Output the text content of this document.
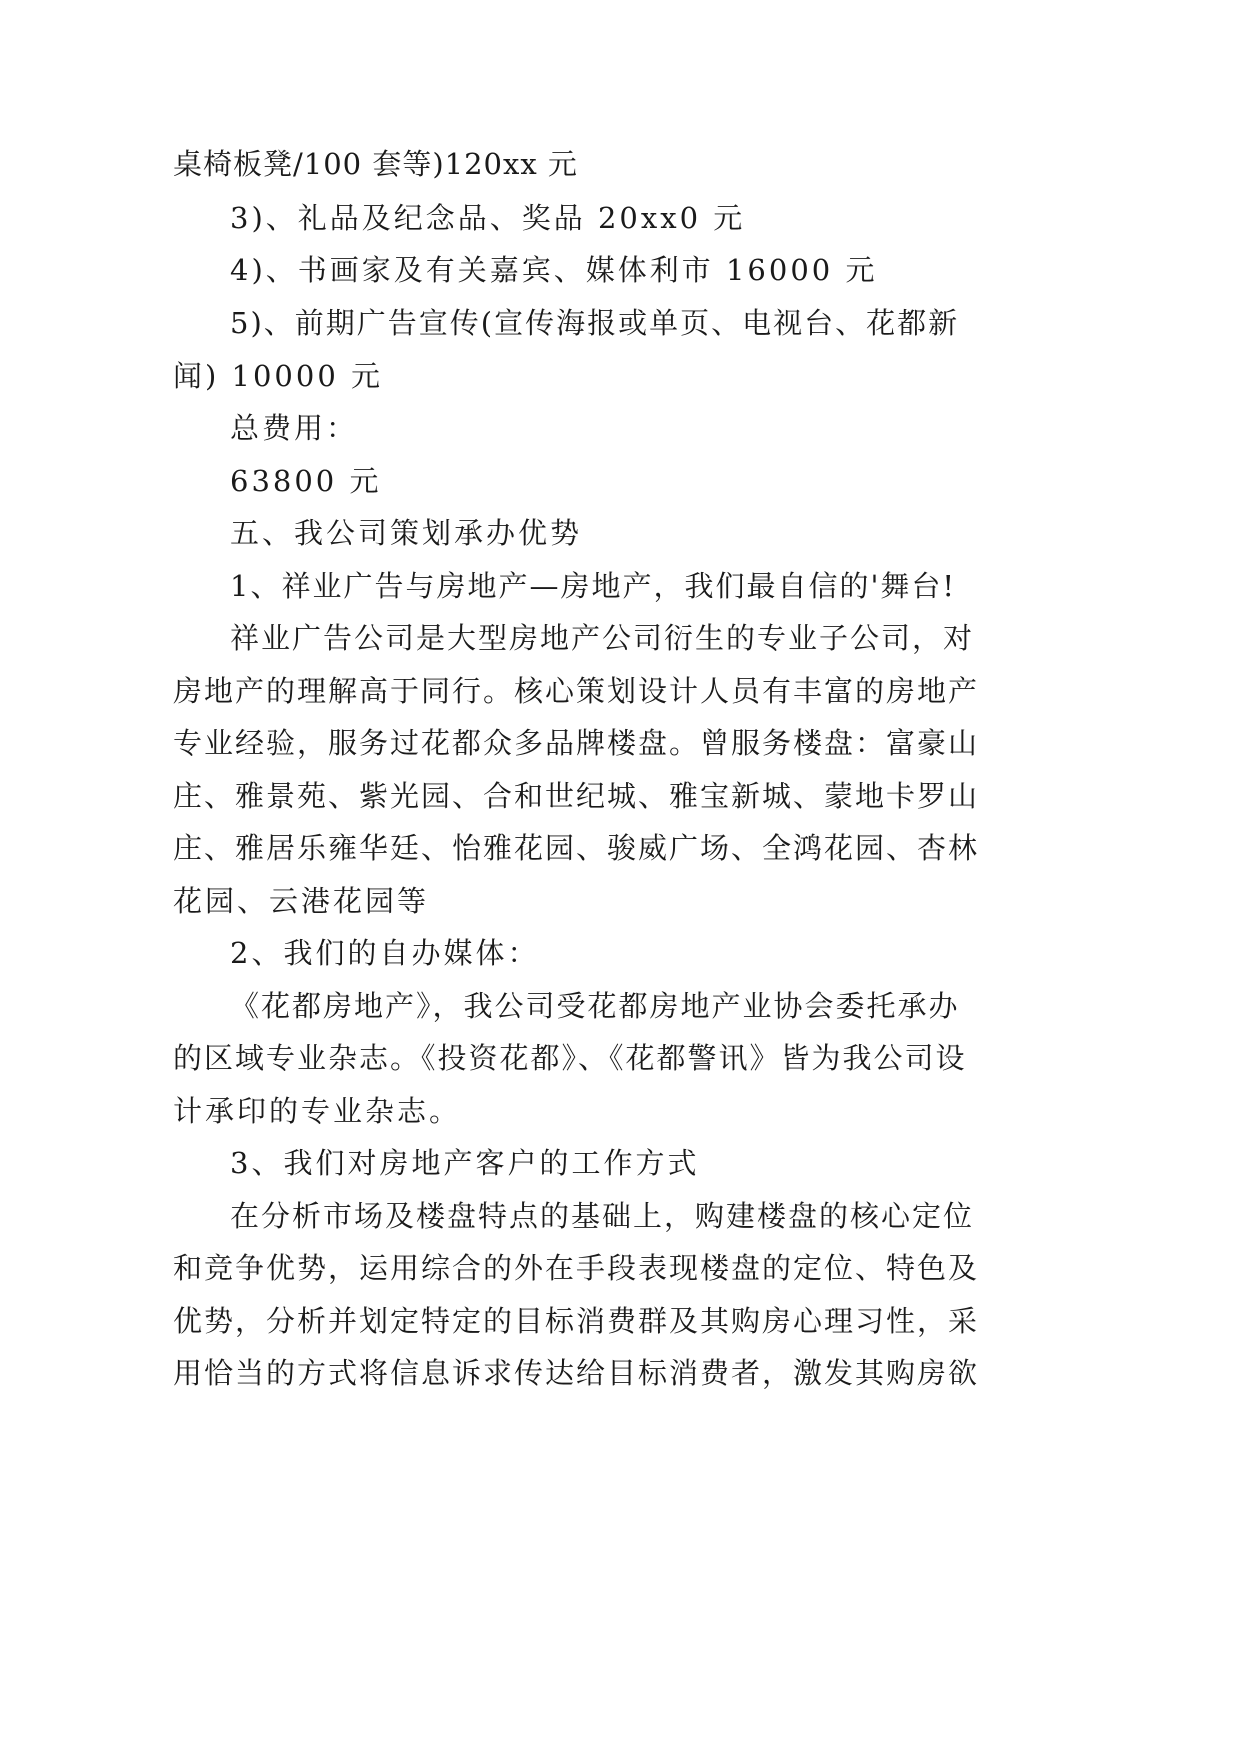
桌椅板凳/100 套等)120xx 元
3)、礼品及纪念品、奖品 20xx0 元
4)、书画家及有关嘉宾、媒体利市 16000 元
5)、前期广告宣传(宣传海报或单页、电视台、花都新
闻) 10000 元
总费用：
63800 元
五、我公司策划承办优势
1、祥业广告与房地产—房地产，我们最自信的'舞台!
祥业广告公司是大型房地产公司衍生的专业子公司，对
房地产的理解高于同行。核心策划设计人员有丰富的房地产
专业经验，服务过花都众多品牌楼盘。曾服务楼盘：富豪山
庄、雅景苑、紫光园、合和世纪城、雅宝新城、蒙地卡罗山
庄、雅居乐雍华廷、怡雅花园、骏威广场、全鸿花园、杏林
花园、云港花园等
2、我们的自办媒体：
《花都房地产》，我公司受花都房地产业协会委托承办
的区域专业杂志。《投资花都》、《花都警讯》皆为我公司设
计承印的专业杂志。
3、我们对房地产客户的工作方式
在分析市场及楼盘特点的基础上，购建楼盘的核心定位
和竞争优势，运用综合的外在手段表现楼盘的定位、特色及
优势，分析并划定特定的目标消费群及其购房心理习性，采
用恰当的方式将信息诉求传达给目标消费者，激发其购房欲
